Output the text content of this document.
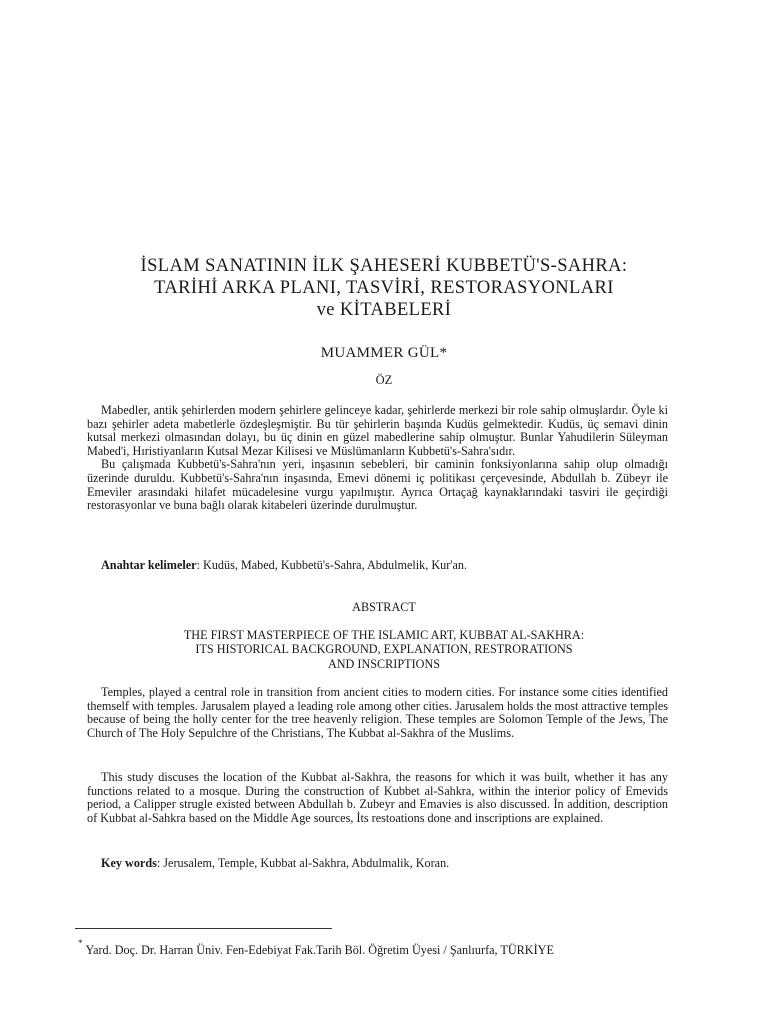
İSLAM SANATININ İLK ŞAHESERİ KUBBETÜ'S-SAHRA:
TARİHİ ARKA PLANI, TASVİRİ, RESTORASYONLARI
ve KİTABELERİ
MUAMMER GÜL*
ÖZ

Mabedler, antik şehirlerden modern şehirlere gelinceye kadar, şehirlerde merkezi bir role sahip olmuşlardır. Öyle ki bazı şehirler adeta mabetlerle özdeşleşmiştir. Bu tür şehirlerin başında Kudüs gelmektedir. Kudüs, üç semavi dinin kutsal merkezi olmasından dolayı, bu üç dinin en güzel mabedlerine sahip olmuştur. Bunlar Yahudilerin Süleyman Mabed'i, Hıristiyanların Kutsal Mezar Kilisesi ve Müslümanların Kubbetü's-Sahra'sıdır.

Bu çalışmada Kubbetü's-Sahra'nın yeri, inşasının sebebleri, bir caminin fonksiyonlarına sahip olup olmadığı üzerinde duruldu. Kubbetü's-Sahra'nın inşasında, Emevi dönemi iç politikası çerçevesinde, Abdullah b. Zübeyr ile Emeviler arasındaki hilafet mücadelesine vurgu yapılmıştır. Ayrıca Ortaçağ kaynaklarındaki tasviri ile geçirdiği restorasyonlar ve buna bağlı olarak kitabeleri üzerinde durulmuştur.

Anahtar kelimeler: Kudüs, Mabed, Kubbetü's-Sahra, Abdulmelik, Kur'an.
ABSTRACT
THE FIRST MASTERPIECE OF THE ISLAMIC ART, KUBBAT AL-SAKHRA:
ITS HISTORICAL BACKGROUND, EXPLANATION, RESTRORATIONS
AND INSCRIPTIONS

Temples, played a central role in transition from ancient cities to modern cities. For instance some cities identified themself with temples. Jarusalem played a leading role among other cities. Jarusalem holds the most attractive temples because of being the holly center for the tree heavenly religion. These temples are Solomon Temple of the Jews, The Church of The Holy Sepulchre of the Christians, The Kubbat al-Sakhra of the Muslims.

This study discuses the location of the Kubbat al-Sakhra, the reasons for which it was built, whether it has any functions related to a mosque. During the construction of Kubbet al-Sahkra, within the interior policy of Emevids period, a Calipper strugle existed between Abdullah b. Zubeyr and Emavies is also discussed. İn addition, description of Kubbat al-Sahkra based on the Middle Age sources, İts restoations done and inscriptions are explained.

Key words: Jerusalem, Temple, Kubbat al-Sakhra, Abdulmalik, Koran.
*Yard. Doç. Dr. Harran Üniv. Fen-Edebiyat Fak.Tarih Böl. Öğretim Üyesi / Şanlıurfa, TÜRKİYE
